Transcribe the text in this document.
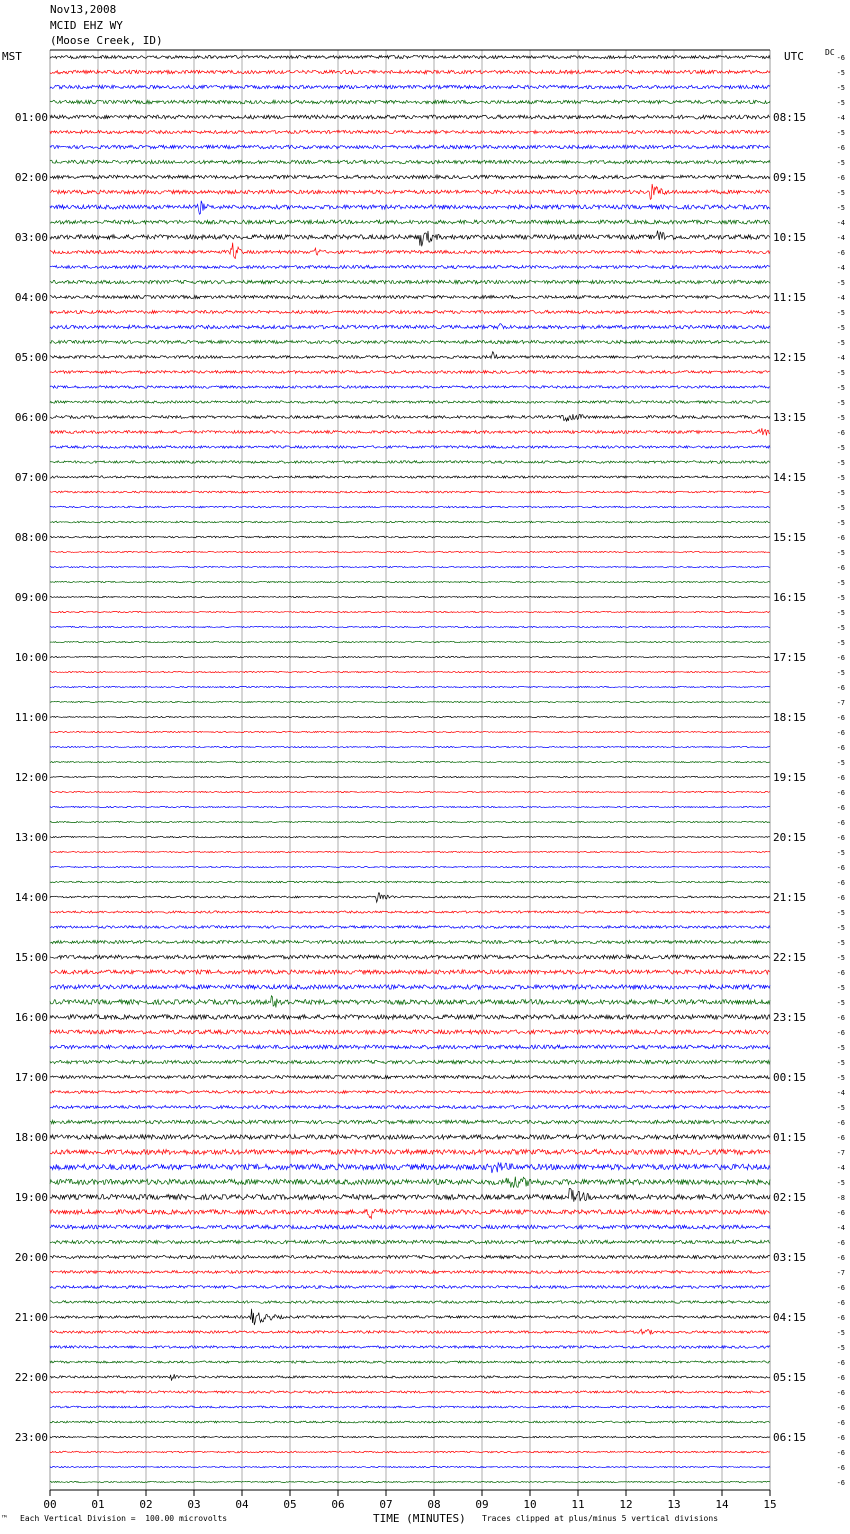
00	01	02	03	04	05	06	07	08	09	10	11	12	13	14	15
01:00
02:00
03:00
04:00
05:00
06:00
07:00
08:00
09:00
10:00
11:00
12:00
13:00
14:00
15:00
16:00
17:00
18:00
19:00
20:00
21:00
22:00
23:00
08:15
09:15
10:15
11:15
12:15
13:15
14:15
15:15
16:15
17:15
18:15
19:15
20:15
21:15
22:15
23:15
00:15
01:15
02:15
03:15
04:15
05:15
06:15
-6
-5
-5
-5
-4
-5
-6
-5
-6
-5
-5
-4
-4
-6
-4
-5
-4
-5
-5
-5
-4
-5
-5
-5
-5
-6
-5
-5
-5
-5
-5
-5
-6
-5
-6
-5
-5
-5
-5
-5
-6
-5
-6
-7
-6
-6
-6
-5
-6
-6
-6
-6
-6
-5
-6
-6
-6
-5
-5
-5
-5
-6
-5
-5
-6
-6
-5
-5
-5
-4
-5
-6
-6
-7
-4
-5
-8
-6
-4
-6
-6
-7
-6
-6
-6
-5
-5
-6
-6
-6
-6
-6
-6
-6
-6
-6
Nov13,2008
MCID EHZ WY
(Moose Creek, ID)
MST	UTC	DC
™ Each Vertical Division =  100.00 microvolts	TIME (MINUTES) Traces clipped at plus/minus 5 vertical divisions
